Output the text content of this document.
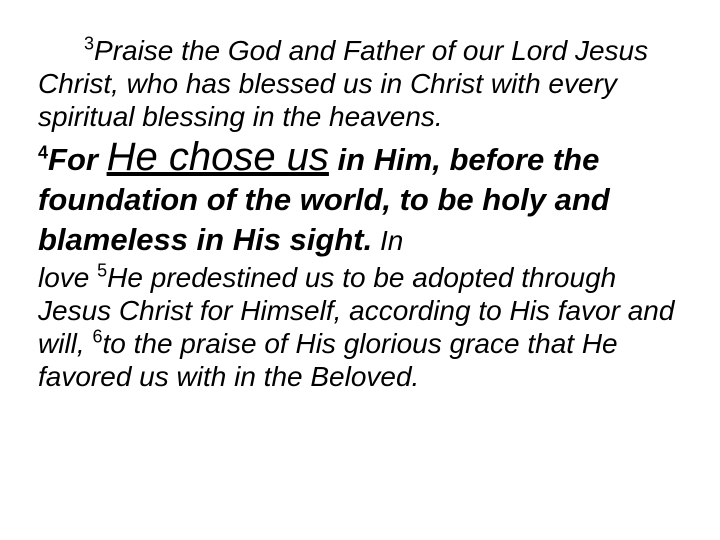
$^3$Praise the God and Father of our Lord Jesus Christ, who has blessed us in Christ with every spiritual blessing in the heavens.

$^4$For He chose us in Him, before the foundation of the world, to be holy and blameless in His sight. In

love $^5$He predestined us to be adopted through Jesus Christ for Himself, according to His favor and will, $^6$to the praise of His glorious grace that He favored us with in the Beloved.
